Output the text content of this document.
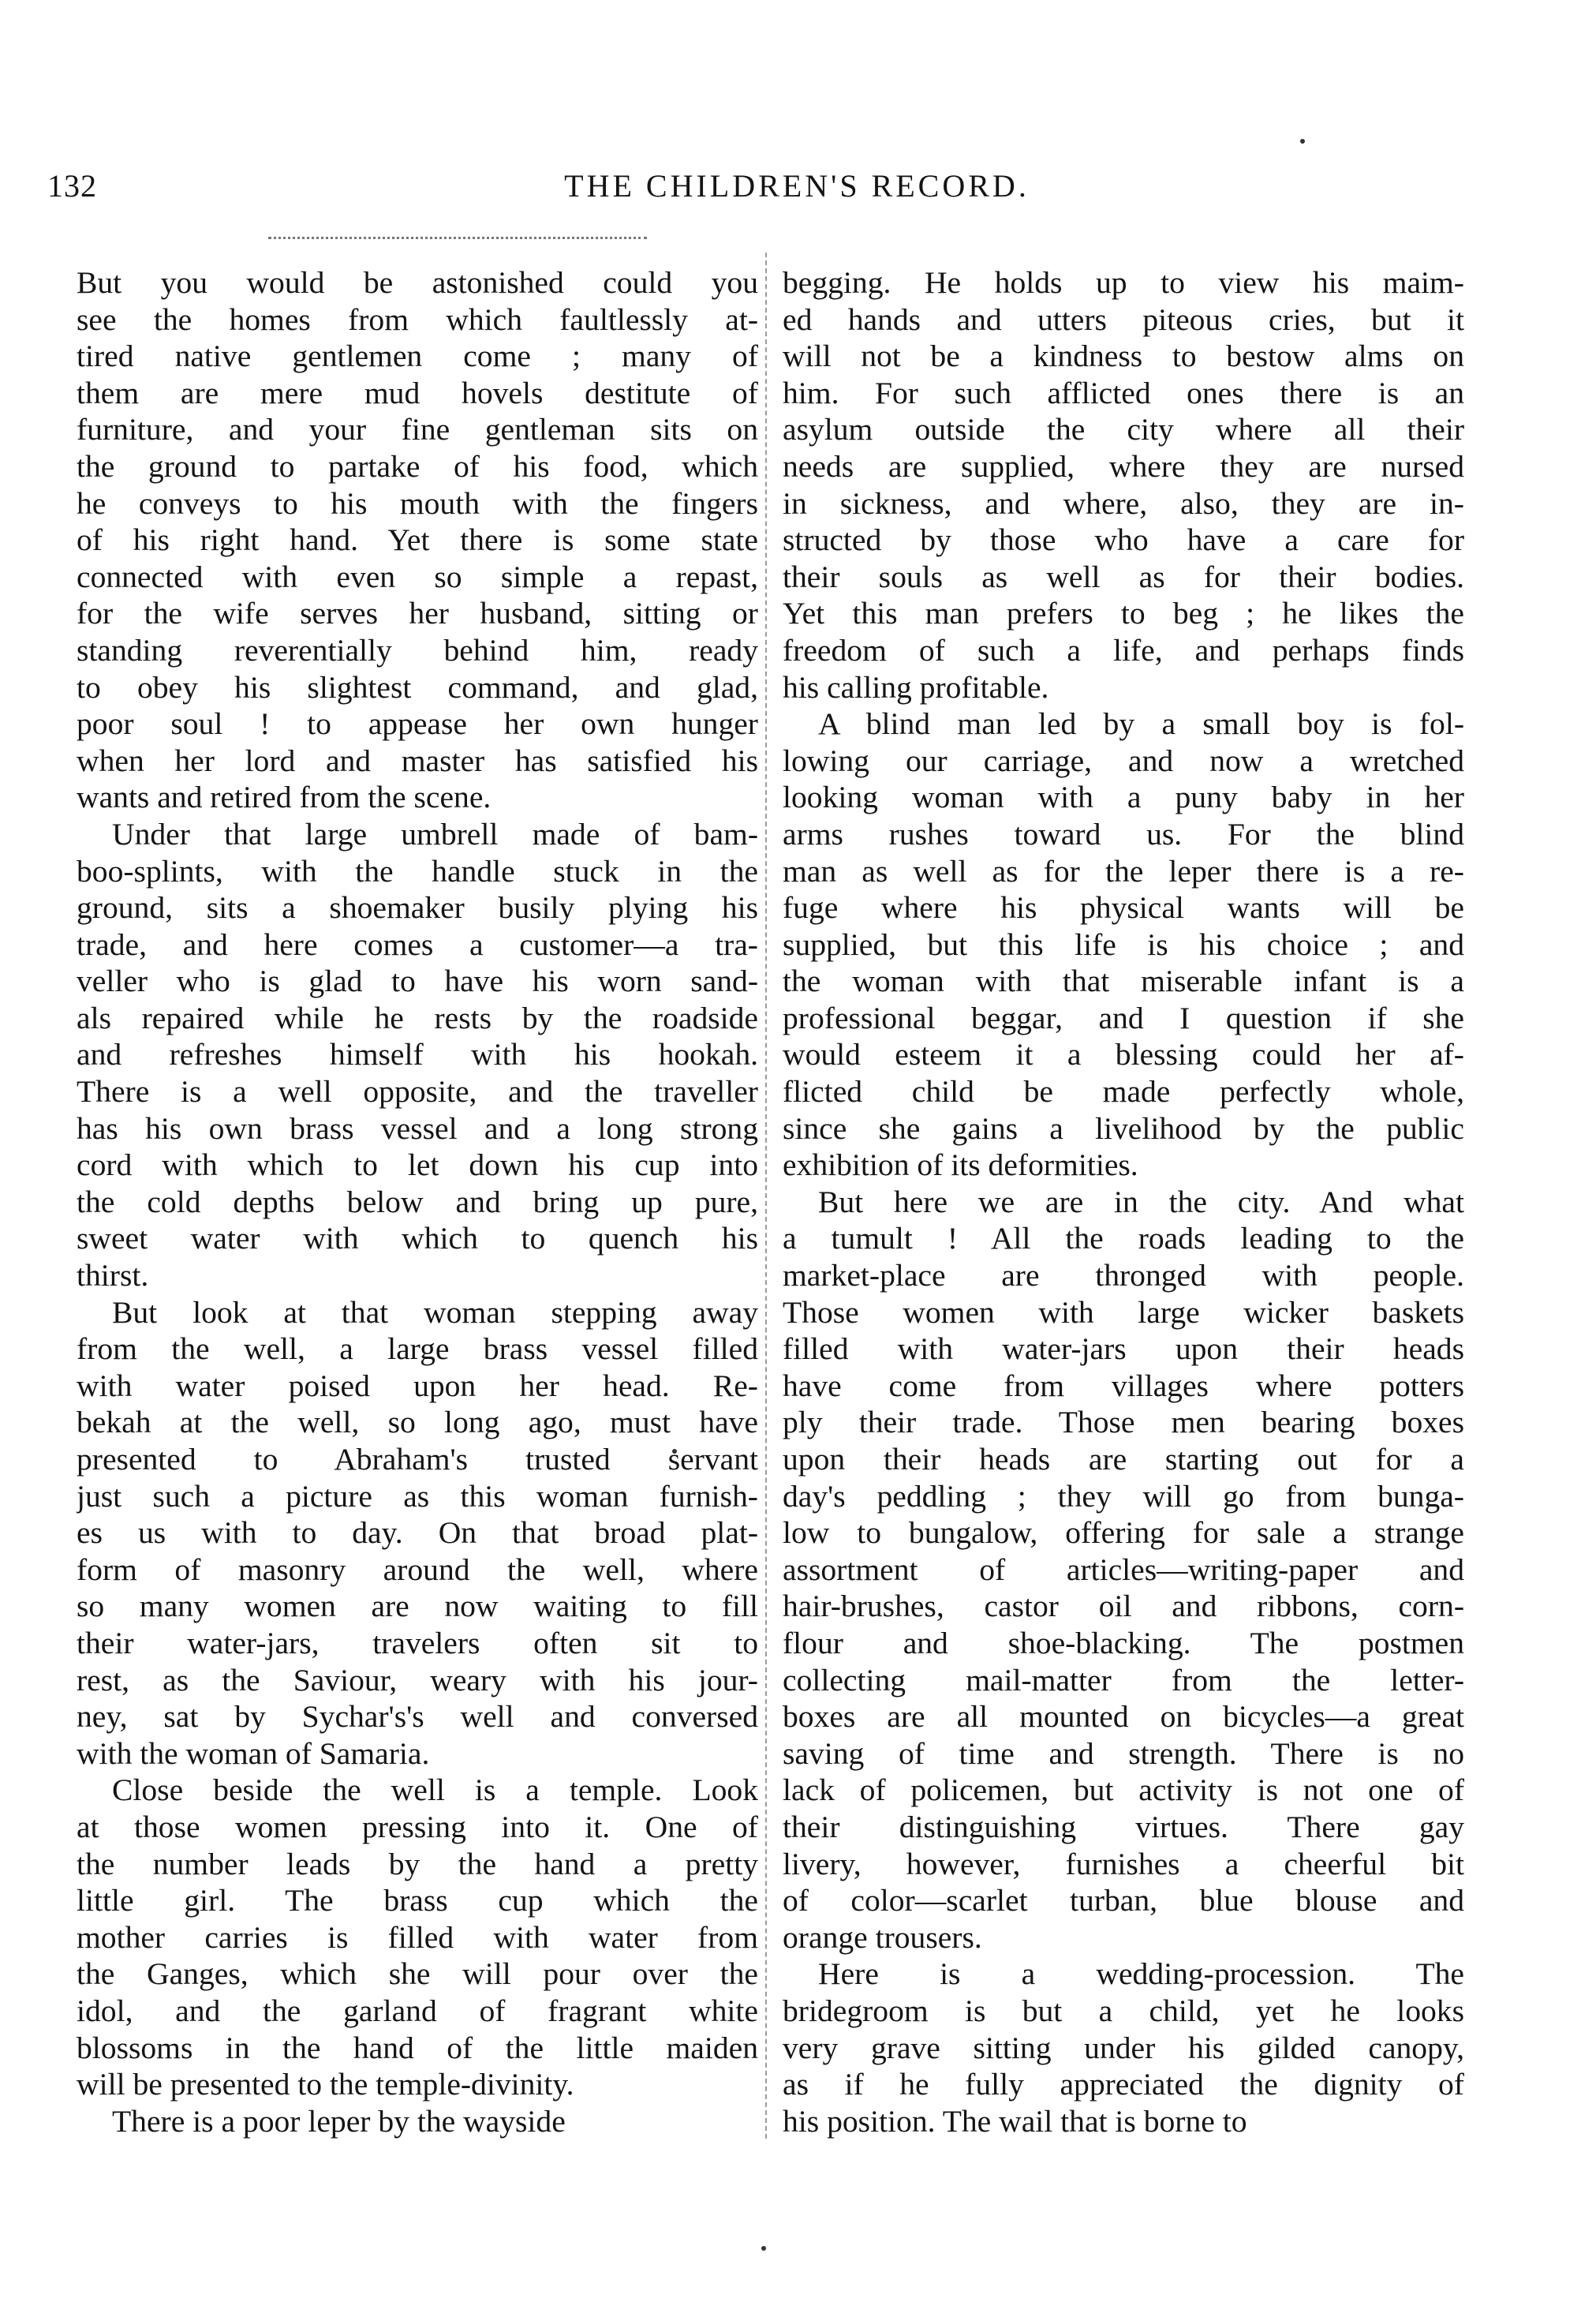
132	THE CHILDREN'S RECORD.

But you would be astonished could you
see the homes from which faultlessly at-
tired native gentlemen come ; many of
them are mere mud hovels destitute of
furniture, and your fine gentleman sits on
the ground to partake of his food, which
he conveys to his mouth with the fingers
of his right hand. Yet there is some state
connected with even so simple a repast,
for the wife serves her husband, sitting or
standing reverentially behind him, ready
to obey his slightest command, and glad,
poor soul ! to appease her own hunger
when her lord and master has satisfied his
wants and retired from the scene.

Under that large umbrell made of bam-
boo-splints, with the handle stuck in the
ground, sits a shoemaker busily plying his
trade, and here comes a customer—a tra-
veller who is glad to have his worn sand-
als repaired while he rests by the roadside
and refreshes himself with his hookah.
There is a well opposite, and the traveller
has his own brass vessel and a long strong
cord with which to let down his cup into
the cold depths below and bring up pure,
sweet water with which to quench his
thirst.

But look at that woman stepping away
from the well, a large brass vessel filled
with water poised upon her head. Re-
bekah at the well, so long ago, must have
presented to Abraham's trusted servant
just such a picture as this woman furnish-
es us with to day. On that broad plat-
form of masonry around the well, where
so many women are now waiting to fill
their water-jars, travelers often sit to
rest, as the Saviour, weary with his jour-
ney, sat by Sychar's's well and conversed
with the woman of Samaria.

Close beside the well is a temple. Look
at those women pressing into it. One of
the number leads by the hand a pretty
little girl. The brass cup which the
mother carries is filled with water from
the Ganges, which she will pour over the
idol, and the garland of fragrant white
blossoms in the hand of the little maiden
will be presented to the temple-divinity.

There is a poor leper by the wayside

begging. He holds up to view his maim-
ed hands and utters piteous cries, but it
will not be a kindness to bestow alms on
him. For such afflicted ones there is an
asylum outside the city where all their
needs are supplied, where they are nursed
in sickness, and where, also, they are in-
structed by those who have a care for
their souls as well as for their bodies.
Yet this man prefers to beg ; he likes the
freedom of such a life, and perhaps finds
his calling profitable.

A blind man led by a small boy is fol-
lowing our carriage, and now a wretched
looking woman with a puny baby in her
arms rushes toward us. For the blind
man as well as for the leper there is a re-
fuge where his physical wants will be
supplied, but this life is his choice ; and
the woman with that miserable infant is a
professional beggar, and I question if she
would esteem it a blessing could her af-
flicted child be made perfectly whole,
since she gains a livelihood by the public
exhibition of its deformities.

But here we are in the city. And what
a tumult ! All the roads leading to the
market-place are thronged with people.
Those women with large wicker baskets
filled with water-jars upon their heads
have come from villages where potters
ply their trade. Those men bearing boxes
upon their heads are starting out for a
day's peddling ; they will go from bunga-
low to bungalow, offering for sale a strange
assortment of articles—writing-paper and
hair-brushes, castor oil and ribbons, corn-
flour and shoe-blacking. The postmen
collecting mail-matter from the letter-
boxes are all mounted on bicycles—a great
saving of time and strength. There is no
lack of policemen, but activity is not one of
their distinguishing virtues. There gay
livery, however, furnishes a cheerful bit
of color—scarlet turban, blue blouse and
orange trousers.

Here is a wedding-procession. The
bridegroom is but a child, yet he looks
very grave sitting under his gilded canopy,
as if he fully appreciated the dignity of
his position. The wail that is borne to
